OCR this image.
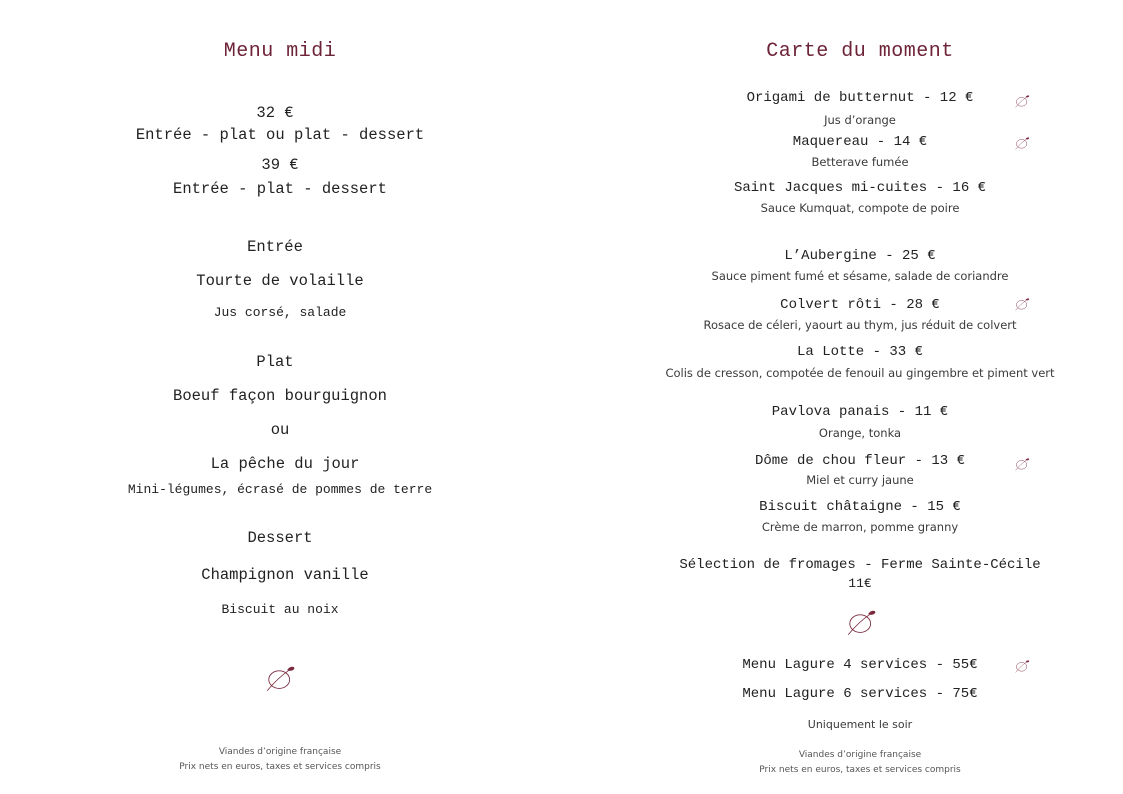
Menu midi
32 €
Entrée - plat ou plat - dessert
39 €
Entrée - plat - dessert
Entrée
Tourte de volaille
Jus corsé, salade
Plat
Boeuf façon bourguignon
ou
La pêche du jour
Mini-légumes, écrasé de pommes de terre
Dessert
Champignon vanille
Biscuit au noix
Viandes d’origine française
Prix nets en euros, taxes et services compris
Carte du moment
Origami de butternut - 12 €
Jus d’orange
Maquereau - 14 €
Betterave fumée
Saint Jacques mi-cuites - 16 €
Sauce Kumquat, compote de poire
L’Aubergine - 25 €
Sauce piment fumé et sésame, salade de coriandre
Colvert rôti - 28 €
Rosace de céleri, yaourt au thym, jus réduit de colvert
La Lotte - 33 €
Colis de cresson, compotée de fenouil au gingembre et piment vert
Pavlova panais - 11 €
Orange, tonka
Dôme de chou fleur - 13 €
Miel et curry jaune
Biscuit châtaigne - 15 €
Crème de marron, pomme granny
Sélection de fromages - Ferme Sainte-Cécile
11€
Menu Lagure 4 services - 55€
Menu Lagure 6 services - 75€
Uniquement le soir
Viandes d’origine française
Prix nets en euros, taxes et services compris
